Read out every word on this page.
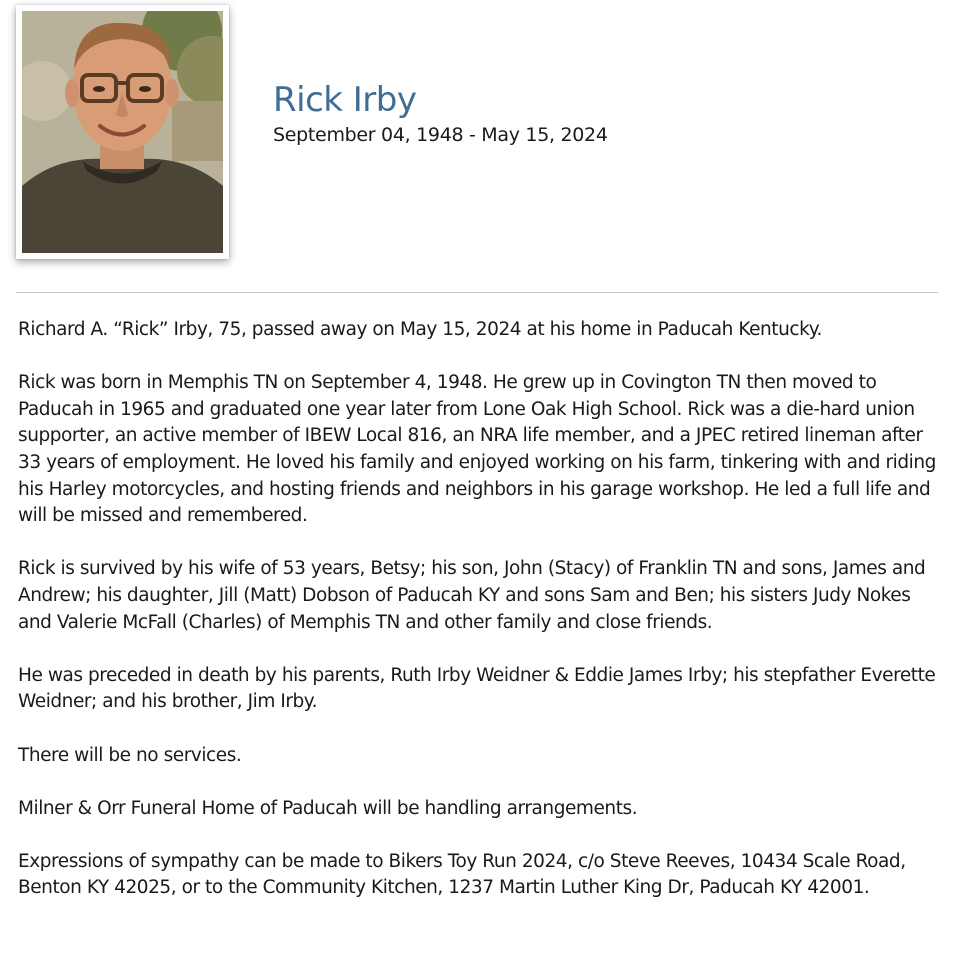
Rick Irby

September 04, 1948 - May 15, 2024

Richard A. “Rick” Irby, 75, passed away on May 15, 2024 at his home in Paducah Kentucky.

Rick was born in Memphis TN on September 4, 1948. He grew up in Covington TN then moved to Paducah in 1965 and graduated one year later from Lone Oak High School. Rick was a die-hard union supporter, an active member of IBEW Local 816, an NRA life member, and a JPEC retired lineman after 33 years of employment. He loved his family and enjoyed working on his farm, tinkering with and riding his Harley motorcycles, and hosting friends and neighbors in his garage workshop. He led a full life and will be missed and remembered.

Rick is survived by his wife of 53 years, Betsy; his son, John (Stacy) of Franklin TN and sons, James and Andrew; his daughter, Jill (Matt) Dobson of Paducah KY and sons Sam and Ben; his sisters Judy Nokes and Valerie McFall (Charles) of Memphis TN and other family and close friends.

He was preceded in death by his parents, Ruth Irby Weidner & Eddie James Irby; his stepfather Everette Weidner; and his brother, Jim Irby.

There will be no services.

Milner & Orr Funeral Home of Paducah will be handling arrangements.

Expressions of sympathy can be made to Bikers Toy Run 2024, c/o Steve Reeves, 10434 Scale Road, Benton KY 42025, or to the Community Kitchen, 1237 Martin Luther King Dr, Paducah KY 42001.
